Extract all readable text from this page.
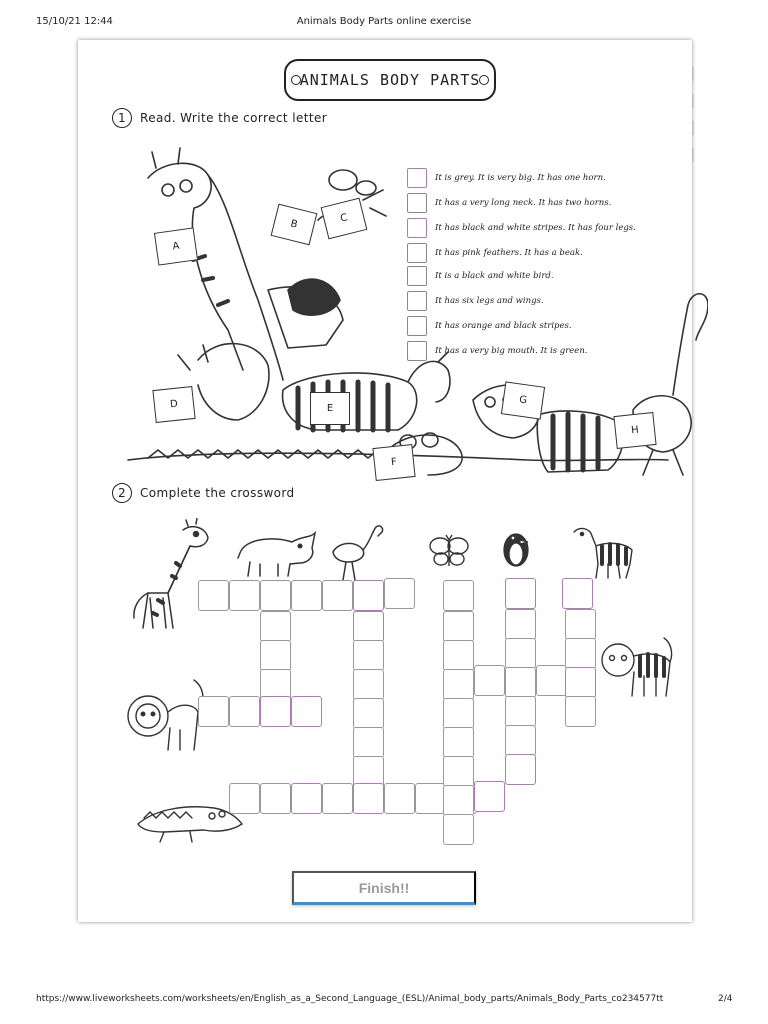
15/10/21 12:44	Animals Body Parts online exercise
ANIMALS BODY PARTS
1	Read. Write the correct letter
A
B	C
D	E
F
G
H
It is grey. It is very big. It has one horn.
It has a very long neck. It has two horns.
It has black and white stripes. It has four legs.
It has pink feathers. It has a beak.
It is a black and white bird.
It has six legs and wings.
It has orange and black stripes.
It has a very big mouth. It is green.
2	Complete the crossword
Finish!!
https://www.liveworksheets.com/worksheets/en/English_as_a_Second_Language_(ESL)/Animal_body_parts/Animals_Body_Parts_co234577tt	2/4
